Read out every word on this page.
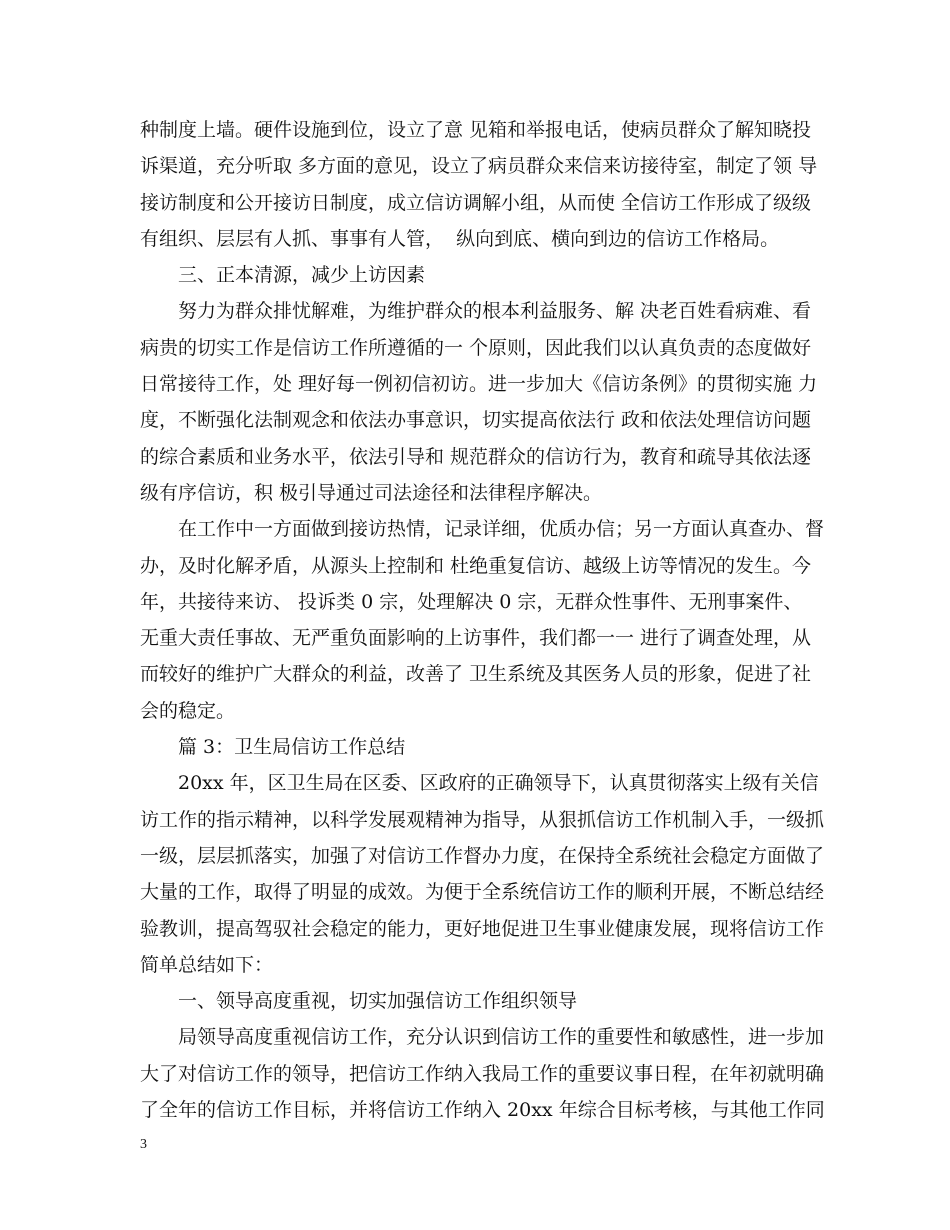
种制度上墙。硬件设施到位，设立了意 见箱和举报电话，使病员群众了解知晓投
诉渠道，充分听取 多方面的意见，设立了病员群众来信来访接待室，制定了领 导
接访制度和公开接访日制度，成立信访调解小组，从而使 全信访工作形成了级级
有组织、层层有人抓、事事有人管，  纵向到底、横向到边的信访工作格局。
三、正本清源，减少上访因素
努力为群众排忧解难，为维护群众的根本利益服务、解 决老百姓看病难、看
病贵的切实工作是信访工作所遵循的一 个原则，因此我们以认真负责的态度做好
日常接待工作，处 理好每一例初信初访。进一步加大《信访条例》的贯彻实施 力
度，不断强化法制观念和依法办事意识，切实提高依法行 政和依法处理信访问题
的综合素质和业务水平，依法引导和 规范群众的信访行为，教育和疏导其依法逐
级有序信访，积 极引导通过司法途径和法律程序解决。
在工作中一方面做到接访热情，记录详细，优质办信；另一方面认真查办、督
办，及时化解矛盾，从源头上控制和 杜绝重复信访、越级上访等情况的发生。今
年，共接待来访、 投诉类 0 宗，处理解决 0 宗，无群众性事件、无刑事案件、
无重大责任事故、无严重负面影响的上访事件，我们都一一 进行了调查处理，从
而较好的维护广大群众的利益，改善了 卫生系统及其医务人员的形象，促进了社
会的稳定。
篇 3：卫生局信访工作总结
20xx 年，区卫生局在区委、区政府的正确领导下，认真贯彻落实上级有关信
访工作的指示精神，以科学发展观精神为指导，从狠抓信访工作机制入手，一级抓
一级，层层抓落实，加强了对信访工作督办力度，在保持全系统社会稳定方面做了
大量的工作，取得了明显的成效。为便于全系统信访工作的顺利开展，不断总结经
验教训，提高驾驭社会稳定的能力，更好地促进卫生事业健康发展，现将信访工作
简单总结如下：
一、领导高度重视，切实加强信访工作组织领导
局领导高度重视信访工作，充分认识到信访工作的重要性和敏感性，进一步加
大了对信访工作的领导，把信访工作纳入我局工作的重要议事日程，在年初就明确
了全年的信访工作目标，并将信访工作纳入 20xx 年综合目标考核，与其他工作同
3
